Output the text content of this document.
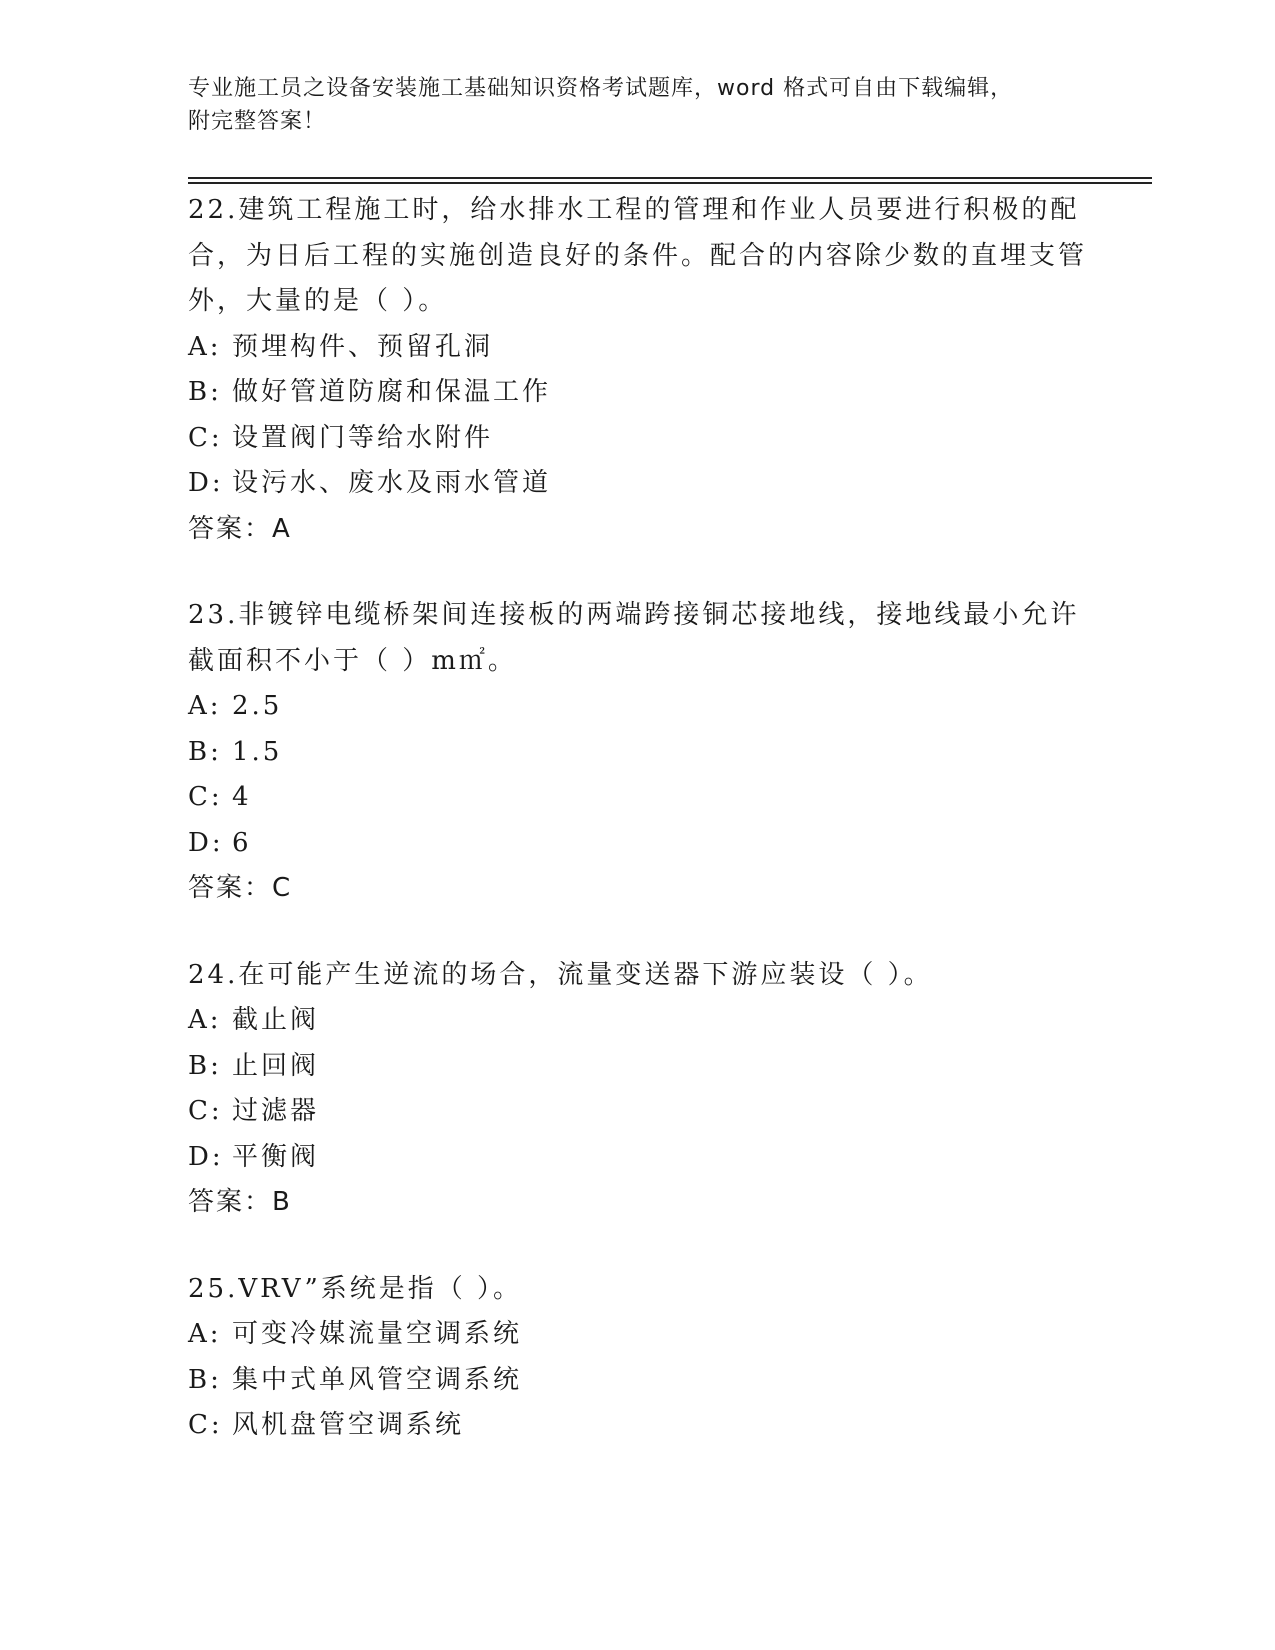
专业施工员之设备安装施工基础知识资格考试题库，word 格式可自由下载编辑，
附完整答案！

22.建筑工程施工时，给水排水工程的管理和作业人员要进行积极的配合，为日后工程的实施创造良好的条件。配合的内容除少数的直埋支管外，大量的是（ ）。

A: 预埋构件、预留孔洞

B: 做好管道防腐和保温工作

C: 设置阀门等给水附件

D: 设污水、废水及雨水管道

答案：A

23.非镀锌电缆桥架间连接板的两端跨接铜芯接地线，接地线最小允许截面积不小于（ ）m㎡。

A: 2.5

B: 1.5

C: 4

D: 6

答案：C

24.在可能产生逆流的场合，流量变送器下游应装设（ ）。

A: 截止阀

B: 止回阀

C: 过滤器

D: 平衡阀

答案：B

25.VRV”系统是指（ ）。

A: 可变冷媒流量空调系统

B: 集中式单风管空调系统

C: 风机盘管空调系统
